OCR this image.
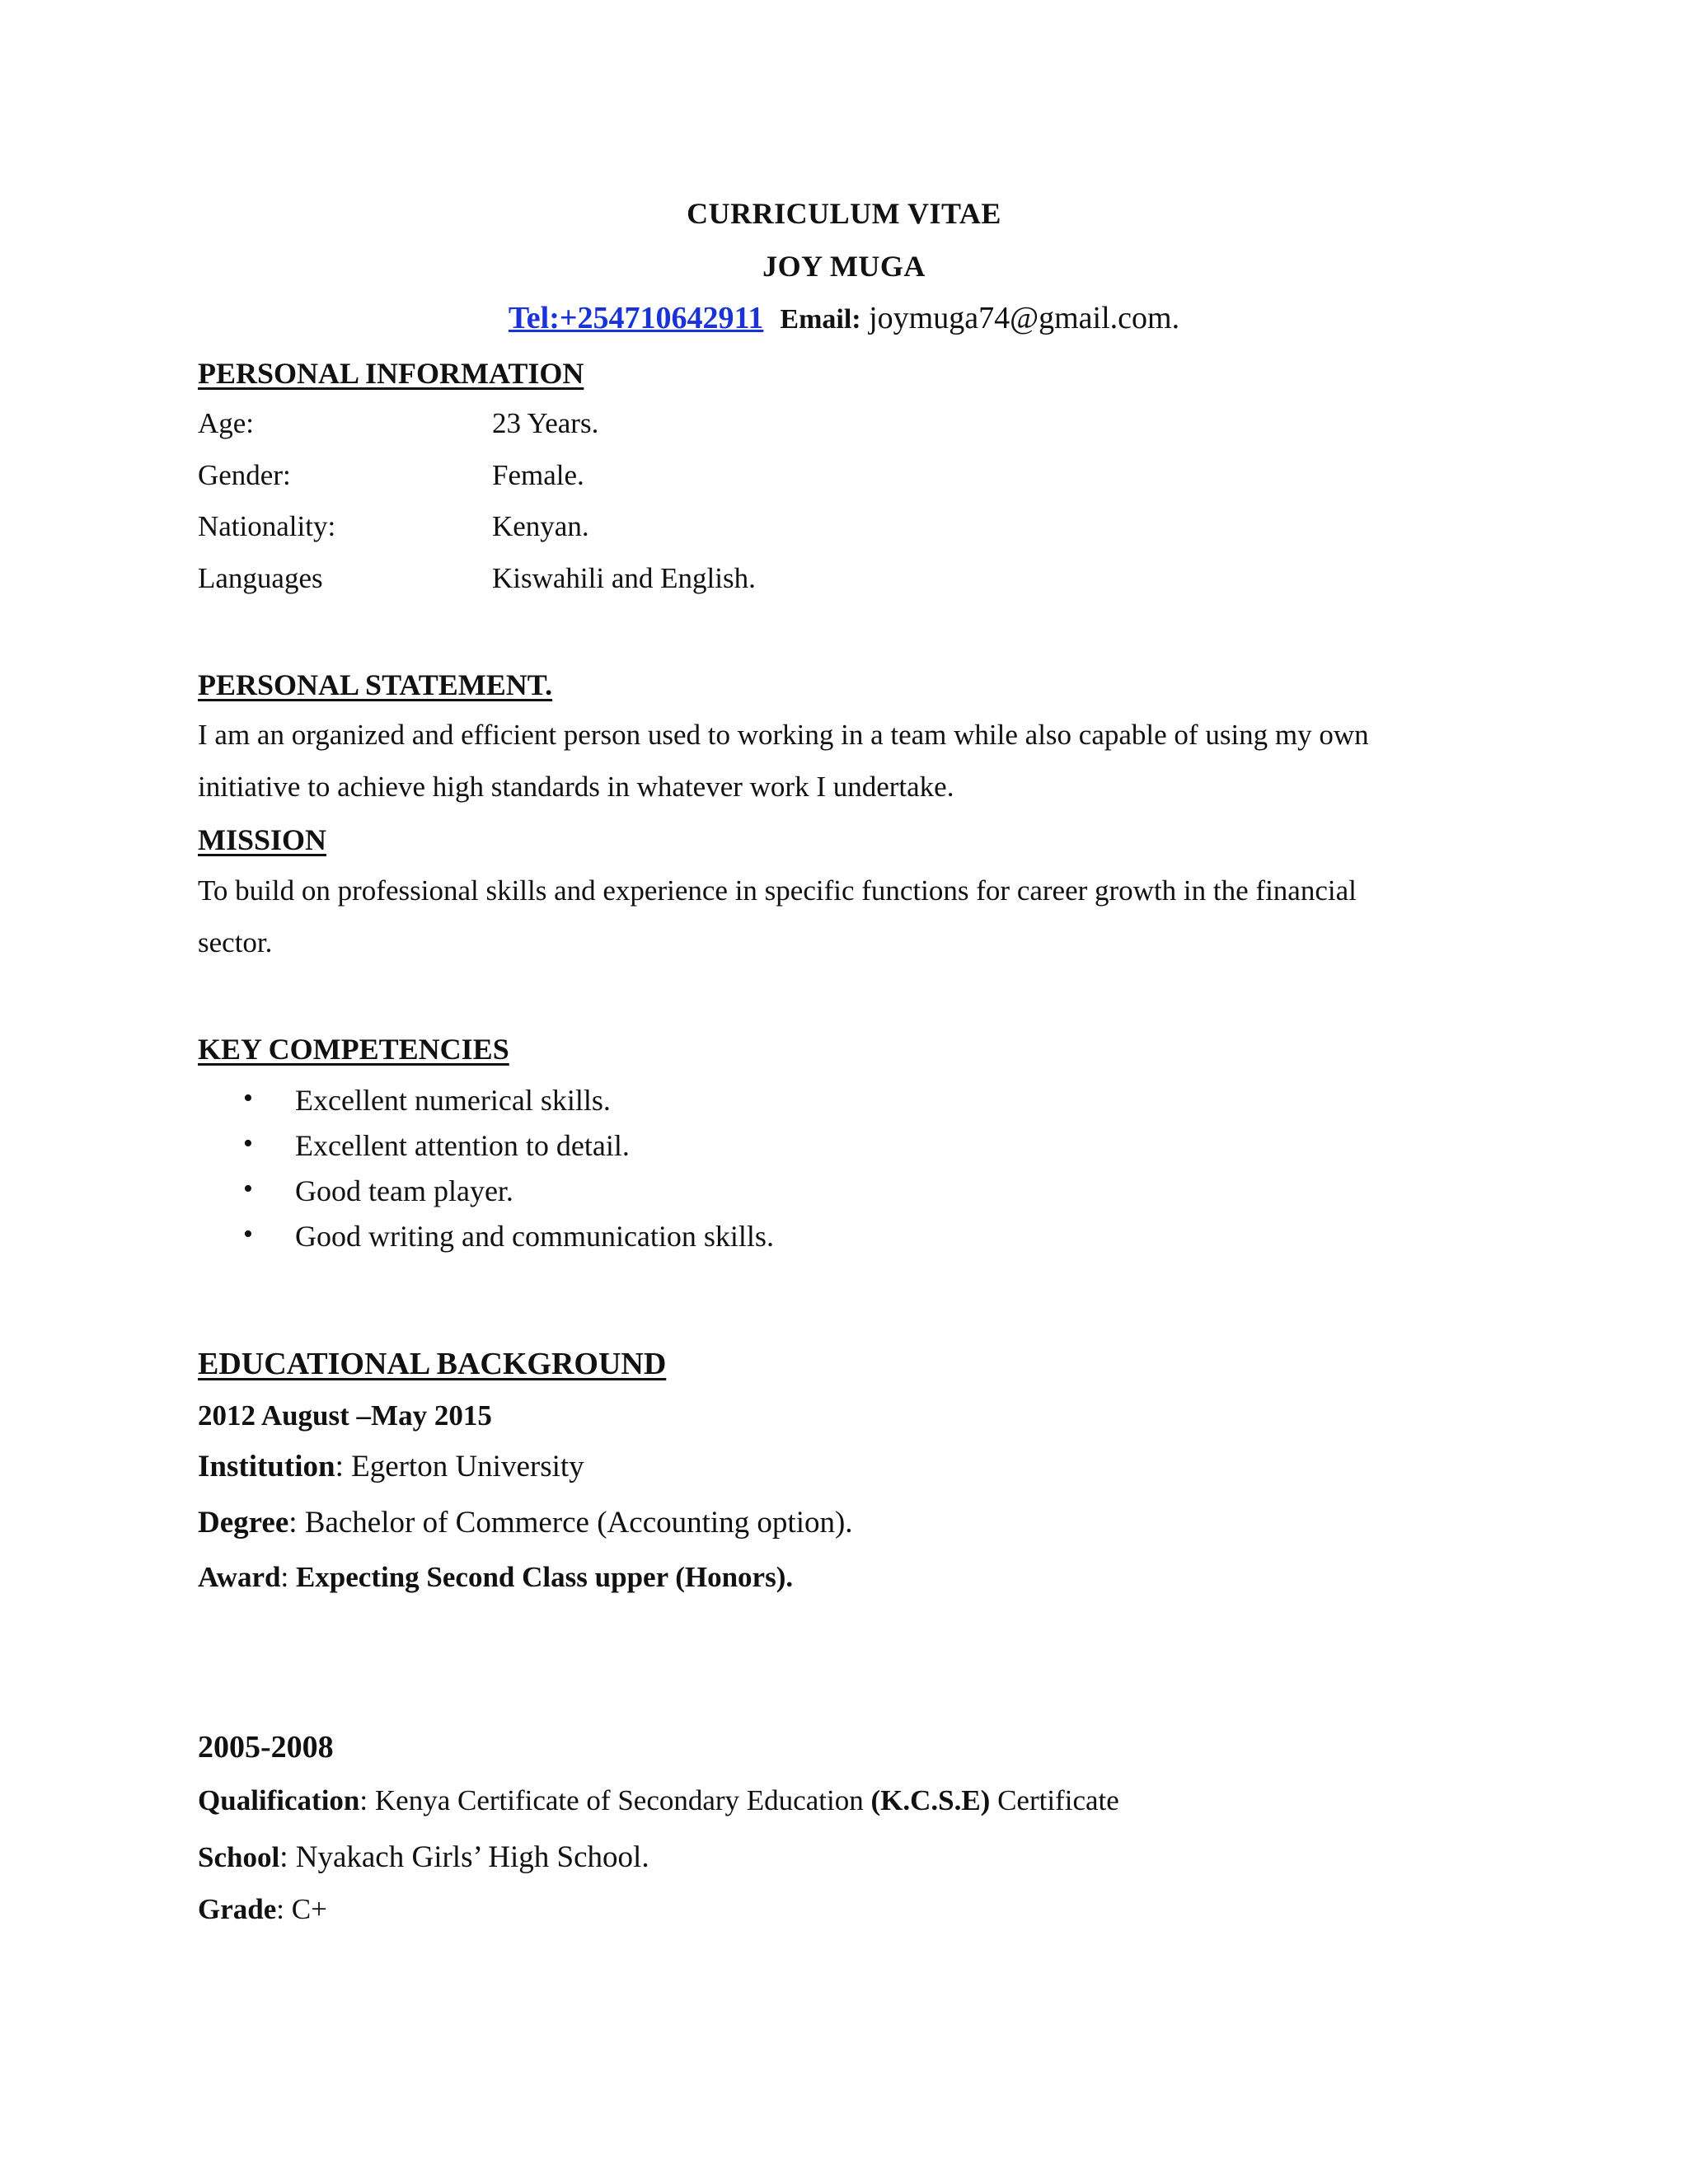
CURRICULUM VITAE
JOY MUGA
Tel:+254710642911 Email: joymuga74@gmail.com.
PERSONAL INFORMATION
Age:	23 Years.
Gender:	Female.
Nationality:	Kenyan.
Languages	Kiswahili and English.
PERSONAL STATEMENT.
I am an organized and efficient person used to working in a team while also capable of using my own
initiative to achieve high standards in whatever work I undertake.
MISSION
To build on professional skills and experience in specific functions for career growth in the financial
sector.
KEY COMPETENCIES
• Excellent numerical skills.
• Excellent attention to detail.
• Good team player.
• Good writing and communication skills.
EDUCATIONAL BACKGROUND
2012 August –May 2015
Institution: Egerton University
Degree: Bachelor of Commerce (Accounting option).
Award: Expecting Second Class upper (Honors).
2005-2008
Qualification: Kenya Certificate of Secondary Education (K.C.S.E) Certificate
School: Nyakach Girls’ High School.
Grade: C+
